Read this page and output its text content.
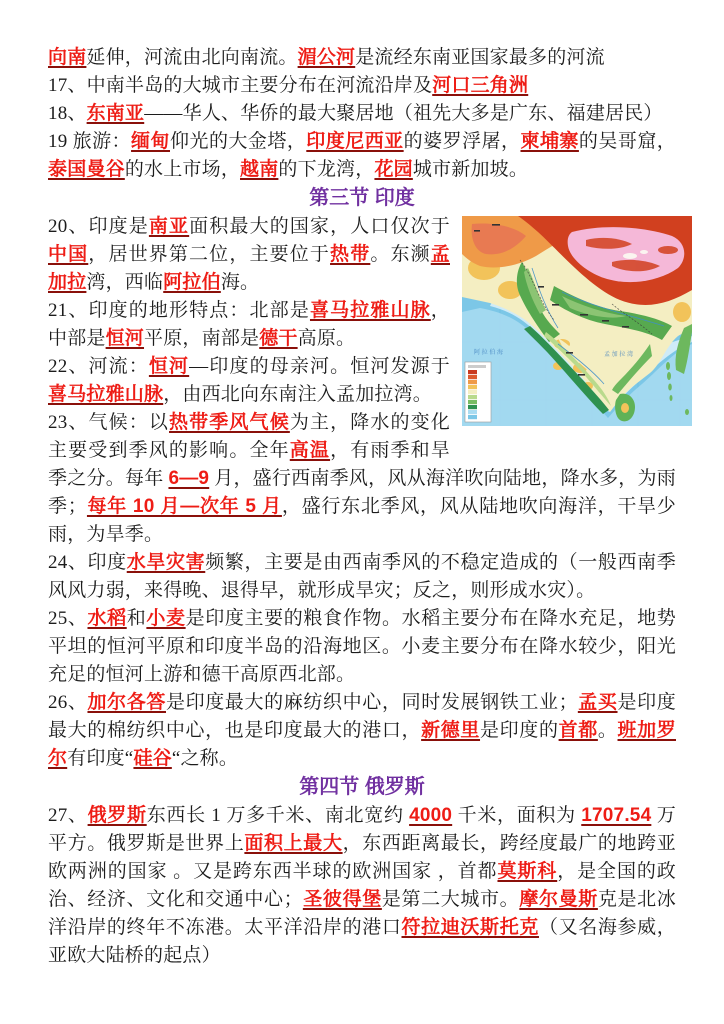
向南延伸，河流由北向南流。湄公河是流经东南亚国家最多的河流

17、中南半岛的大城市主要分布在河流沿岸及河口三角洲

18、东南亚——华人、华侨的最大聚居地（祖先大多是广东、福建居民）

19 旅游：缅甸仰光的大金塔，印度尼西亚的婆罗浮屠，柬埔寨的吴哥窟，泰国曼谷的水上市场，越南的下龙湾，花园城市新加坡。

第三节 印度
阿 拉 伯 海	孟 加 拉 湾

20、印度是南亚面积最大的国家，人口仅次于中国，居世界第二位，主要位于热带。东濒孟加拉湾，西临阿拉伯海。

21、印度的地形特点：北部是喜马拉雅山脉，中部是恒河平原，南部是德干高原。

22、河流：恒河—印度的母亲河。恒河发源于喜马拉雅山脉，由西北向东南注入孟加拉湾。

23、气候：以热带季风气候为主，降水的变化主要受到季风的影响。全年高温，有雨季和旱季之分。每年 6—9 月，盛行西南季风，风从海洋吹向陆地，降水多，为雨季；每年 10 月—次年 5 月，盛行东北季风，风从陆地吹向海洋，干旱少雨，为旱季。

24、印度水旱灾害频繁，主要是由西南季风的不稳定造成的（一般西南季风风力弱，来得晚、退得早，就形成旱灾；反之，则形成水灾）。

25、水稻和小麦是印度主要的粮食作物。水稻主要分布在降水充足，地势平坦的恒河平原和印度半岛的沿海地区。小麦主要分布在降水较少，阳光充足的恒河上游和德干高原西北部。

26、加尔各答是印度最大的麻纺织中心，同时发展钢铁工业；孟买是印度最大的棉纺织中心，也是印度最大的港口，新德里是印度的首都。班加罗尔有印度“硅谷“之称。

第四节 俄罗斯

27、俄罗斯东西长 1 万多千米、南北宽约 4000 千米，面积为 1707.54 万平方。俄罗斯是世界上面积上最大，东西距离最长，跨经度最广的地跨亚欧两洲的国家 。又是跨东西半球的欧洲国家 ，首都莫斯科，是全国的政治、经济、文化和交通中心；圣彼得堡是第二大城市。摩尔曼斯克是北冰洋沿岸的终年不冻港。太平洋沿岸的港口符拉迪沃斯托克（又名海参威，亚欧大陆桥的起点）
